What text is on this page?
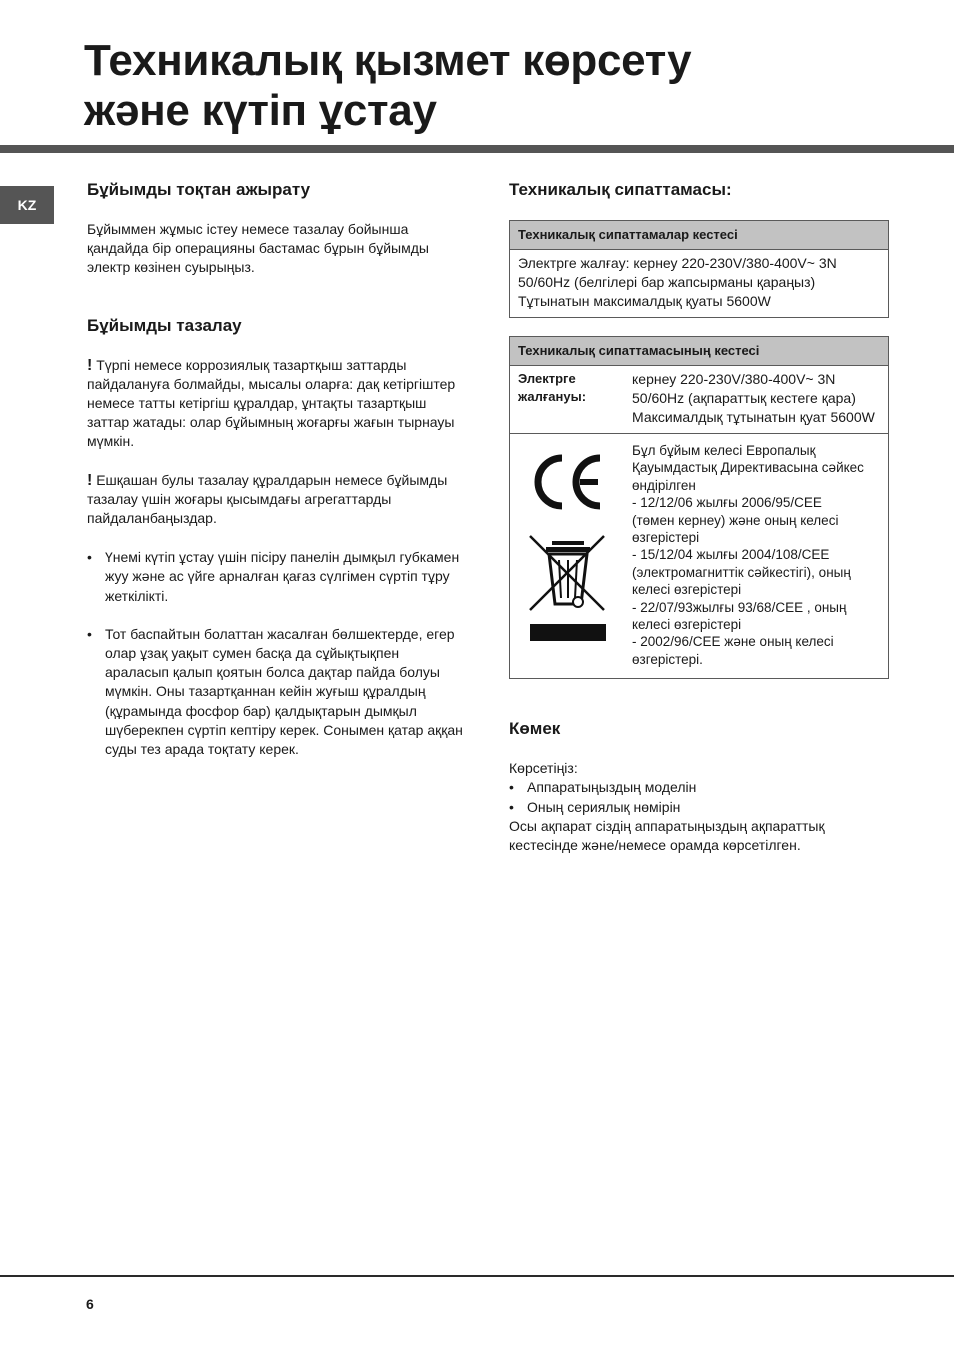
Техникалық қызмет көрсету
және күтіп ұстау
KZ
Бұйымды тоқтан ажырату

Бұйыммен жұмыс істеу немесе тазалау бойынша қандайда бір операцияны бастамас бұрын бұйымды электр көзінен суырыңыз.

Бұйымды тазалау

! Түрпі немесе коррозиялық тазартқыш заттарды пайдалануға болмайды, мысалы оларға: дақ кетіргіштер немесе татты кетіргіш құралдар, ұнтақты тазартқыш заттар жатады: олар бұйымның жоғарғы жағын тырнауы мүмкін.

! Ешқашан булы тазалау құралдарын немесе бұйымды тазалау үшін жоғары қысымдағы агрегаттарды пайдаланбаңыздар.

• Үнемі күтіп ұстау үшін пісіру панелін дымқыл губкамен жуу және ас үйге арналған қағаз сүлгімен сүртіп тұру жеткілікті.
• Тот баспайтын болаттан жасалған бөлшектерде, егер олар ұзақ уақыт сумен басқа да сұйықтықпен араласып қалып қоятын болса дақтар пайда болуы мүмкін. Оны тазартқаннан кейін жуғыш құралдың (құрамында фосфор бар) қалдықтарын дымқыл шүберекпен сүртіп кептіру керек. Сонымен қатар аққан суды тез арада тоқтату керек.
Техникалық сипаттамасы:
Техникалық сипаттамалар кестесі
Электрге жалғау: кернеу 220-230V/380-400V~ 3N
50/60Hz (белгілері бар жапсырманы қараңыз)
Тұтынатын максималдық қуаты 5600W
Техникалық сипаттамасының кестесі
Электрге
жалғануы:
кернеу 220-230V/380-400V~ 3N
50/60Hz (ақпараттық кестеге қара)
Максималдық тұтынатын қуат 5600W
Бұл бұйым келесі Европалық
Қауымдастық Директивасына сәйкес
өндірілген
- 12/12/06 жылғы 2006/95/CEE
(төмен кернеу) және оның келесі
өзгерістері
- 15/12/04 жылғы 2004/108/CEE
(электромагниттік сәйкестігі), оның
келесі өзгерістері
- 22/07/93жылғы 93/68/CEE , оның
келесі өзгерістері
- 2002/96/CEE және оның келесі
өзгерістері.
Көмек

Көрсетіңіз:

• Аппаратыңыздың моделін
• Оның сериялық нөмірін

Осы ақпарат сіздің аппаратыңыздың ақпараттық кестесінде және/немесе орамда көрсетілген.

6
